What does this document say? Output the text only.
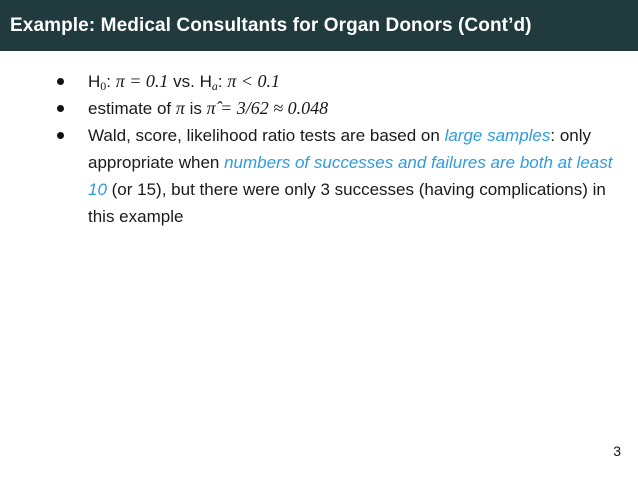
Example: Medical Consultants for Organ Donors (Cont’d)
$H_0$: π = 0.1 vs. $H_a$: π < 0.1
estimate of π is π̂ = 3/62 ≈ 0.048
Wald, score, likelihood ratio tests are based on large samples: only appropriate when numbers of successes and failures are both at least 10 (or 15), but there were only 3 successes (having complications) in this example
3
